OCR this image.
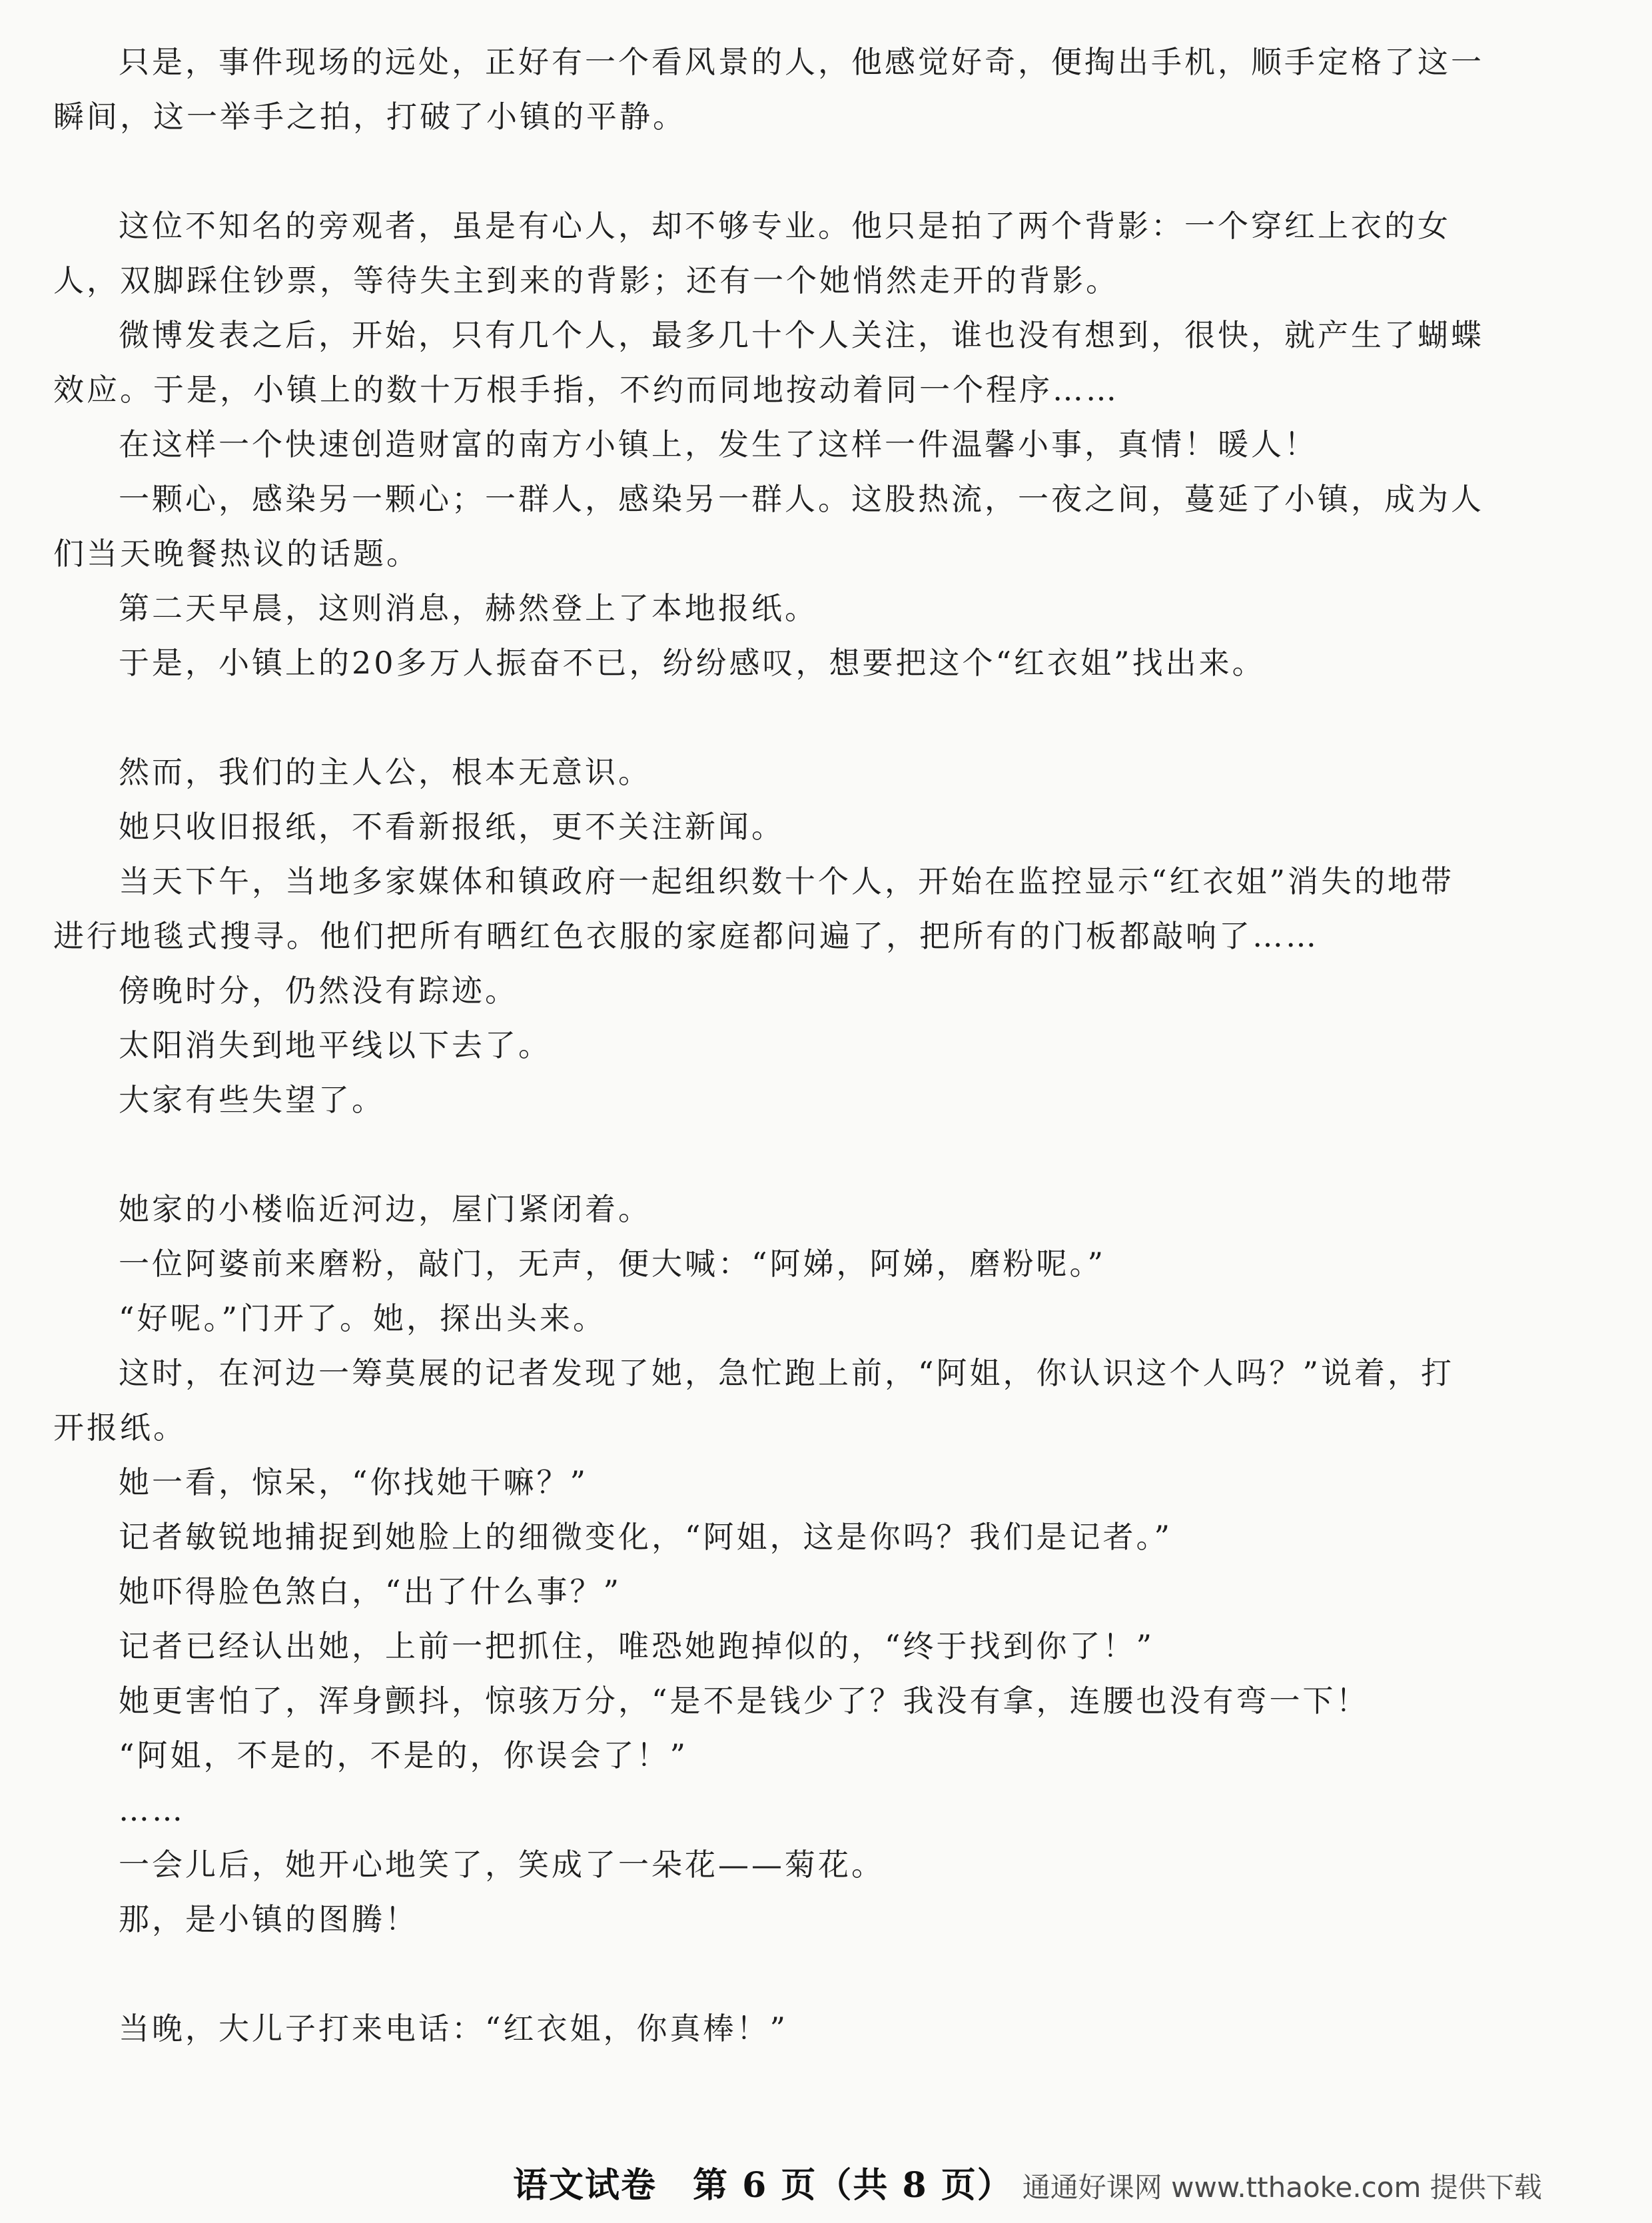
只是，事件现场的远处，正好有一个看风景的人，他感觉好奇，便掏出手机，顺手定格了这一瞬间，这一举手之拍，打破了小镇的平静。

这位不知名的旁观者，虽是有心人，却不够专业。他只是拍了两个背影：一个穿红上衣的女人，双脚踩住钞票，等待失主到来的背影；还有一个她悄然走开的背影。

微博发表之后，开始，只有几个人，最多几十个人关注，谁也没有想到，很快，就产生了蝴蝶效应。于是，小镇上的数十万根手指，不约而同地按动着同一个程序……

在这样一个快速创造财富的南方小镇上，发生了这样一件温馨小事，真情！暖人！

一颗心，感染另一颗心；一群人，感染另一群人。这股热流，一夜之间，蔓延了小镇，成为人们当天晚餐热议的话题。

第二天早晨，这则消息，赫然登上了本地报纸。

于是，小镇上的20多万人振奋不已，纷纷感叹，想要把这个“红衣姐”找出来。

然而，我们的主人公，根本无意识。

她只收旧报纸，不看新报纸，更不关注新闻。

当天下午，当地多家媒体和镇政府一起组织数十个人，开始在监控显示“红衣姐”消失的地带进行地毯式搜寻。他们把所有晒红色衣服的家庭都问遍了，把所有的门板都敲响了……

傍晚时分，仍然没有踪迹。

太阳消失到地平线以下去了。

大家有些失望了。

她家的小楼临近河边，屋门紧闭着。

一位阿婆前来磨粉，敲门，无声，便大喊：“阿娣，阿娣，磨粉呢。”

“好呢。”门开了。她，探出头来。

这时，在河边一筹莫展的记者发现了她，急忙跑上前，“阿姐，你认识这个人吗？”说着，打开报纸。

她一看，惊呆，“你找她干嘛？”

记者敏锐地捕捉到她脸上的细微变化，“阿姐，这是你吗？我们是记者。”

她吓得脸色煞白，“出了什么事？”

记者已经认出她，上前一把抓住，唯恐她跑掉似的，“终于找到你了！”

她更害怕了，浑身颤抖，惊骇万分，“是不是钱少了？我没有拿，连腰也没有弯一下！

“阿姐，不是的，不是的，你误会了！”

……

一会儿后，她开心地笑了，笑成了一朵花——菊花。

那，是小镇的图腾！

当晚，大儿子打来电话：“红衣姐，你真棒！”

语文试卷　第 6 页（共 8 页） 通通好课网 www.tthaoke.com 提供下载
